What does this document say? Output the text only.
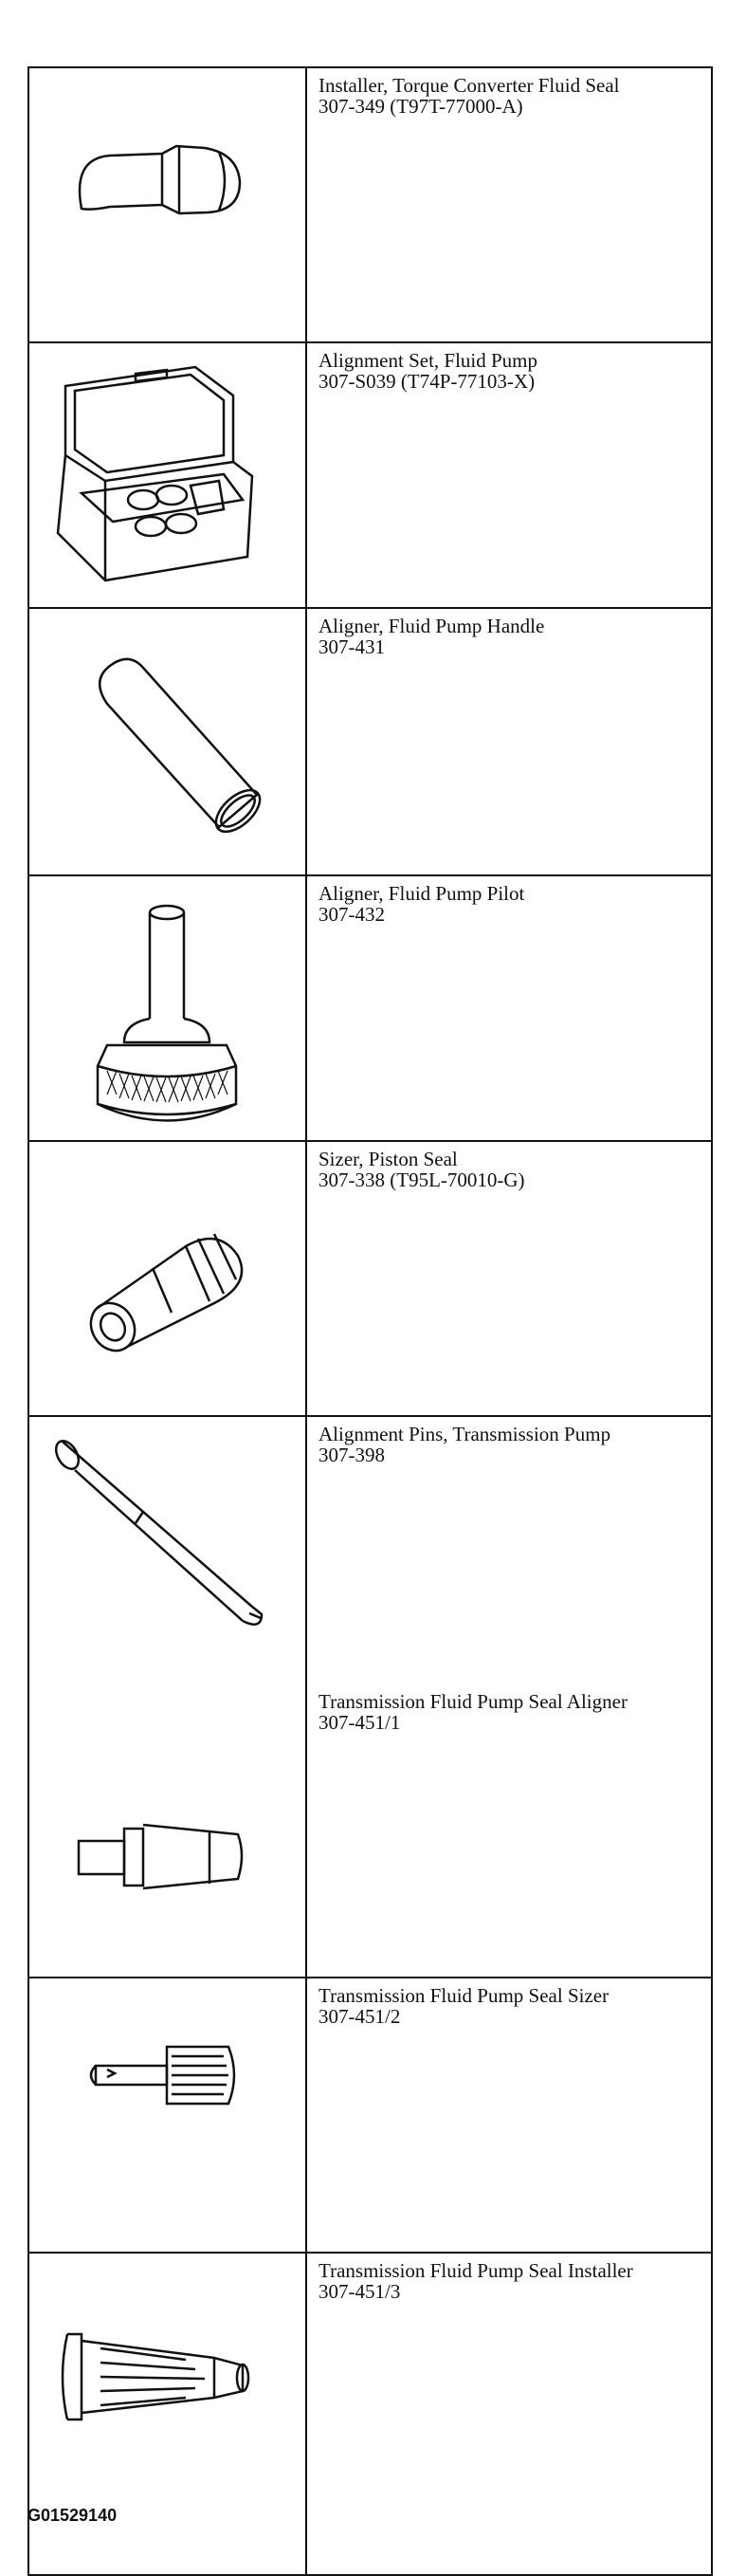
Installer, Torque Converter Fluid Seal
307-349 (T97T-77000-A)
Alignment Set, Fluid Pump
307-S039 (T74P-77103-X)
Aligner, Fluid Pump Handle
307-431
Aligner, Fluid Pump Pilot
307-432
Sizer, Piston Seal
307-338 (T95L-70010-G)
Alignment Pins, Transmission Pump
307-398
Transmission Fluid Pump Seal Aligner
307-451/1
Transmission Fluid Pump Seal Sizer
307-451/2
Transmission Fluid Pump Seal Installer
307-451/3
G01529140
